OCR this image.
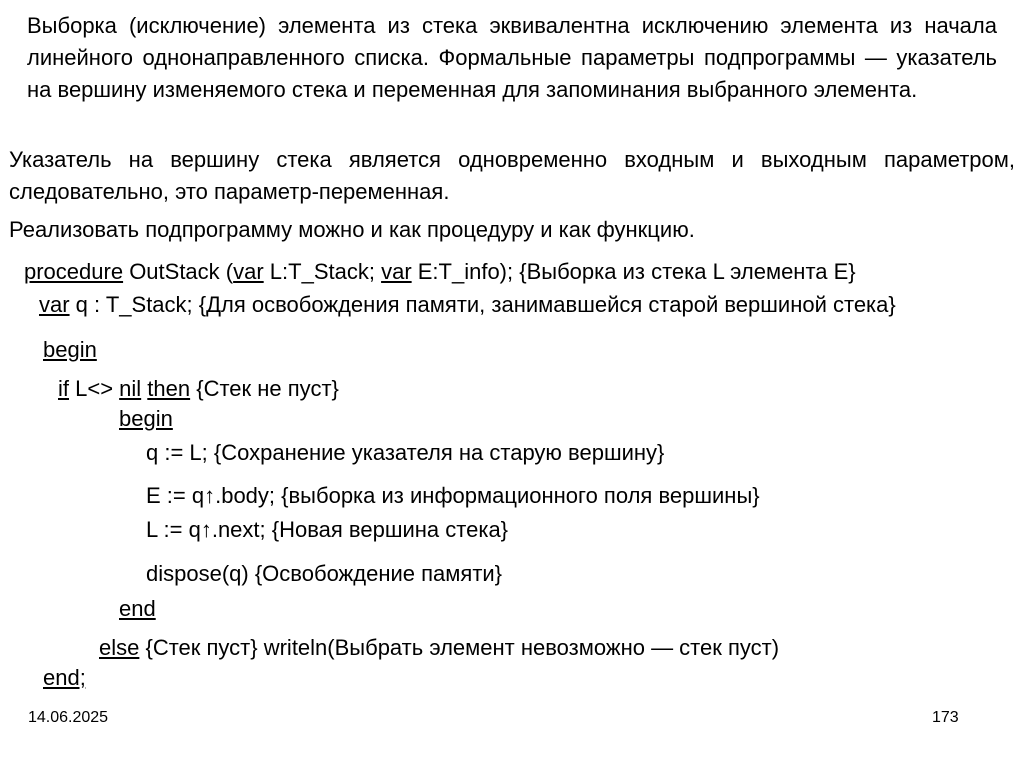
Выборка (исключение) элемента из стека эквивалентна исключению элемента из начала линейного однонаправленного списка. Формальные параметры подпрограммы — указатель на вершину изменяемого стека и переменная для запоминания выбранного элемента.
Указатель на вершину стека является одновременно входным и выходным параметром, следовательно, это параметр-переменная.
Реализовать подпрограмму можно и как процедуру и как функцию.
procedure OutStack (var L:T_Stack; var E:T_info); {Выборка из стека L элемента E}
var q : T_Stack; {Для освобождения памяти, занимавшейся старой вершиной стека}
begin
if L<> nil then {Стек не пуст}
begin
q := L; {Сохранение указателя на старую вершину}
E := q↑.body; {выборка из информационного поля вершины}
L := q↑.next; {Новая вершина стека}
dispose(q) {Освобождение памяти}
end
else {Стек пуст} writeln(Выбрать элемент невозможно — стек пуст)
end;
14.06.2025	173
